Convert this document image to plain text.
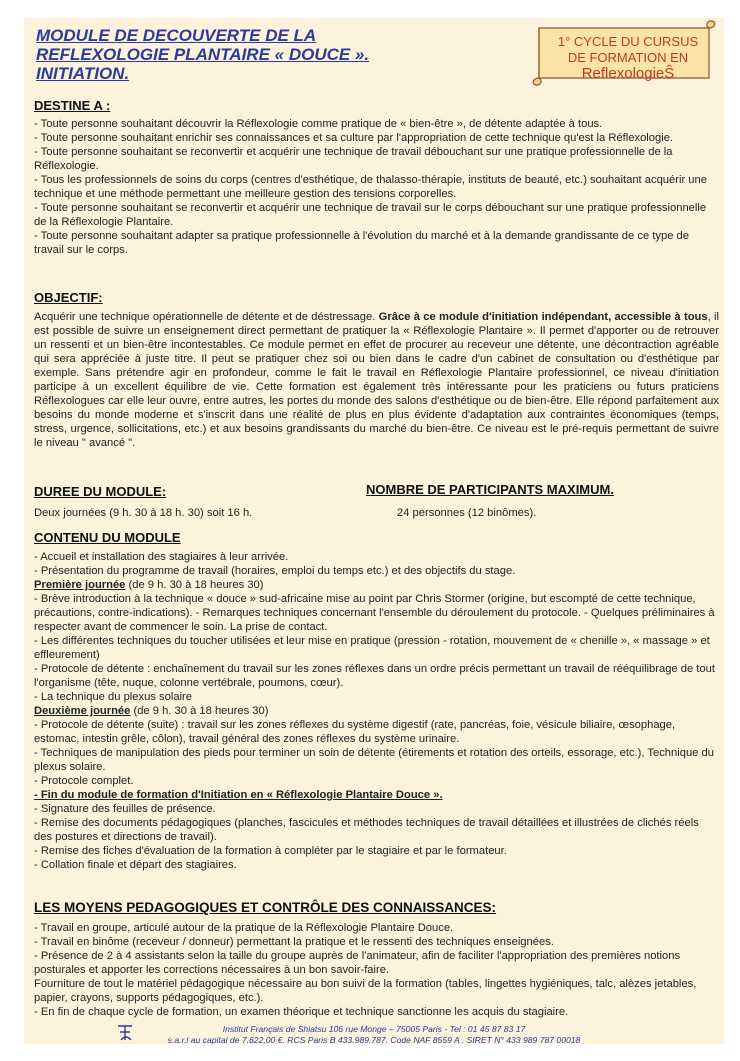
MODULE DE DECOUVERTE DE LA
REFLEXOLOGIE PLANTAIRE « DOUCE ».
INITIATION.
1° CYCLE DU CURSUS
DE FORMATION EN
ReflexologieŜ
DESTINE A :

- Toute personne souhaitant découvrir la Réflexologie comme pratique de « bien-être », de détente adaptée à tous.

- Toute personne souhaitant enrichir ses connaissances et sa culture par l'appropriation de cette technique qu'est la Réflexologie.

- Toute personne souhaitant se reconvertir et acquérir une technique de travail débouchant sur une pratique professionnelle de la Réflexologie.

- Tous les professionnels de soins du corps (centres d'esthétique, de thalasso-thérapie, instituts de beauté, etc.) souhaitant acquérir une technique et une méthode permettant une meilleure gestion des tensions corporelles.

- Toute personne souhaitant se reconvertir et acquérir une technique de travail sur le corps débouchant sur une pratique professionnelle de la Réflexologie Plantaire.

- Toute personne souhaitant adapter sa pratique professionnelle à l'évolution du marché et à la demande grandissante de ce type de travail sur le corps.

OBJECTIF:
Acquérir une technique opérationnelle de détente et de déstressage. Grâce à ce module d'initiation indépendant, accessible à tous, il est possible de suivre un enseignement direct permettant de pratiquer la « Réflexologie Plantaire ». Il permet d'apporter ou de retrouver un ressenti et un bien-être incontestables. Ce module permet en effet de procurer au receveur une détente, une décontraction agréable qui sera appréciée à juste titre. Il peut se pratiquer chez soi ou bien dans le cadre d'un cabinet de consultation ou d'esthétique par exemple. Sans prétendre agir en profondeur, comme le fait le travail en Réflexologie Plantaire professionnel, ce niveau d'initiation participe à un excellent équilibre de vie. Cette formation est également très intéressante pour les praticiens ou futurs praticiens Réflexologues car elle leur ouvre, entre autres, les portes du monde des salons d'esthétique ou de bien-être. Elle répond parfaitement aux besoins du monde moderne et s'inscrit dans une réalité de plus en plus évidente d'adaptation aux contraintes économiques (temps, stress, urgence, sollicitations, etc.) et aux besoins grandissants du marché du bien-être. Ce niveau est le pré-requis permettant de suivre le niveau " avancé ".
DUREE DU MODULE:
Deux journées (9 h. 30 à 18 h. 30) soit 16 h.
NOMBRE DE PARTICIPANTS MAXIMUM.
24 personnes (12 binômes).
CONTENU DU MODULE

- Accueil et installation des stagiaires à leur arrivée.

- Présentation du programme de travail (horaires, emploi du temps etc.) et des objectifs du stage.

Première journée (de 9 h. 30 à 18 heures 30)

- Brève introduction à la technique « douce » sud-africaine mise au point par Chris Stormer (origine, but escompté de cette technique, précautions, contre-indications). - Remarques techniques concernant l'ensemble du déroulement du protocole. - Quelques préliminaires à respecter avant de commencer le soin. La prise de contact.

- Les différentes techniques du toucher utilisées et leur mise en pratique (pression - rotation, mouvement de « chenille », « massage » et effleurement)

- Protocole de détente : enchaînement du travail sur les zones réflexes dans un ordre précis permettant un travail de rééquilibrage de tout l'organisme (tête, nuque, colonne vertébrale, poumons, cœur).

- La technique du plexus solaire

Deuxième journée (de 9 h. 30 à 18 heures 30)

- Protocole de détente (suite) : travail sur les zones réflexes du système digestif (rate, pancréas, foie, vésicule biliaire, œsophage, estomac, intestin grêle, côlon), travail général des zones réflexes du système urinaire.

- Techniques de manipulation des pieds pour terminer un soin de détente (étirements et rotation des orteils, essorage, etc.), Technique du plexus solaire.

- Protocole complet.

- Fin du module de formation d'Initiation en « Réflexologie Plantaire Douce ».

- Signature des feuilles de présence.

- Remise des documents pédagogiques (planches, fascicules et méthodes techniques de travail détaillées et illustrées de clichés réels des postures et directions de travail).

- Remise des fiches d'évaluation de la formation à compléter par le stagiaire et par le formateur.

- Collation finale et départ des stagiaires.

LES MOYENS PEDAGOGIQUES ET CONTRÔLE DES CONNAISSANCES:

- Travail en groupe, articulé autour de la pratique de la Réflexologie Plantaire Douce.

- Travail en binôme (receveur / donneur) permettant la pratique et le ressenti des techniques enseignées.

- Présence de 2 à 4 assistants selon la taille du groupe auprès de l'animateur, afin de faciliter l'appropriation des premières notions posturales et apporter les corrections nécessaires à un bon savoir-faire.

Fourniture de tout le matériel pédagogique nécessaire au bon suivi de la formation (tables, lingettes hygiéniques, talc, alèzes jetables, papier, crayons, supports pédagogiques, etc.).

- En fin de chaque cycle de formation, un examen théorique et technique sanctionne les acquis du stagiaire.

Institut Français de Shiatsu 106 rue Monge – 75005 Paris - Tel : 01 45 87 83 17
s.a.r.l au capital de 7.622,00 €. RCS Paris B 433.989.787. Code NAF 8559 A . SIRET N° 433 989 787 00018
